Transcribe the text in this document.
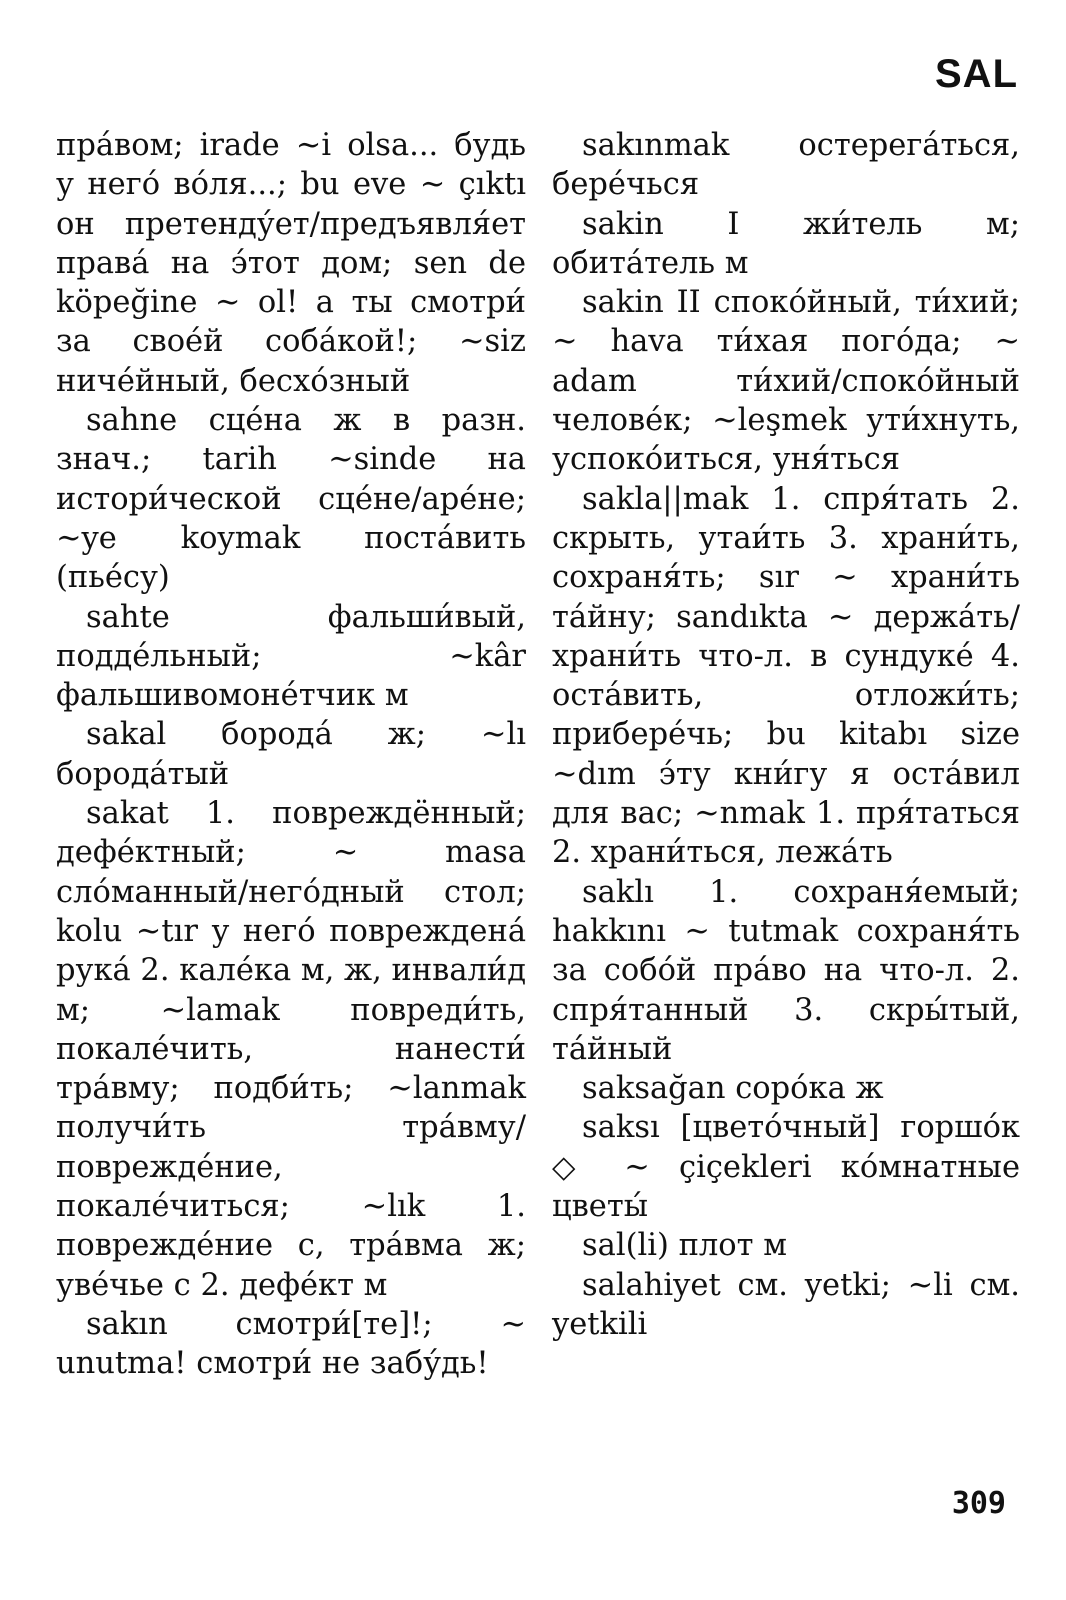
SAL

пра́вом; irade ~i olsa... будь у него́ во́ля...; bu eve ~ çıktı он претенду́ет/предъявля́ет права́ на э́тот дом; sen de köpeğine ~ ol! а ты смотри́ за свое́й соба́кой!; ~siz ниче́йный, бесхо́зный

sahne сце́на ж в разн. знач.; tarih ~sinde на истори́ческой сце́не/аре́не; ~ye koymak поста́вить (пье́су)

sahte фальши́вый, подде́льный; ~kâr фальшивомоне́тчик м

sakal борода́ ж; ~lı борода́тый

sakat 1. повреждённый; дефе́ктный; ~ masa сло́манный/него́дный стол; kolu ~tır у него́ повреждена́ рука́ 2. кале́ка м, ж, инвали́д м; ~lamak повреди́ть, покале́чить, нанести́ тра́вму; подби́ть; ~lanmak получи́ть тра́вму/поврежде́ние, покале́читься; ~lık 1. поврежде́ние с, тра́вма ж; уве́чье с 2. дефе́кт м

sakın смотри́[те]!; ~ unutma! смотри́ не забу́дь!

sakınmak остерега́ться, бере́чься

sakin I жи́тель м; обита́тель м

sakin II споко́йный, ти́хий; ~ hava ти́хая пого́да; ~ adam ти́хий/споко́йный челове́к; ~leşmek ути́хнуть, успоко́иться, уня́ться

sakla||mak 1. спря́тать 2. скрыть, утаи́ть 3. храни́ть, сохраня́ть; sır ~ храни́ть та́йну; sandıkta ~ держа́ть/храни́ть что-л. в сундуке́ 4. оста́вить, отложи́ть; прибере́чь; bu kitabı size ~dım э́ту кни́гу я оста́вил для вас; ~nmak 1. пря́таться 2. храни́ться, лежа́ть

saklı 1. сохраня́емый; hakkını ~ tutmak сохраня́ть за собо́й пра́во на что-л. 2. спря́танный 3. скры́тый, та́йный

saksağan соро́ка ж

saksı [цвето́чный] горшо́к ◇ ~ çiçekleri ко́мнатные цветы́

sal(li) плот м

salahiyet см. yetki; ~li см. yetkili

309
